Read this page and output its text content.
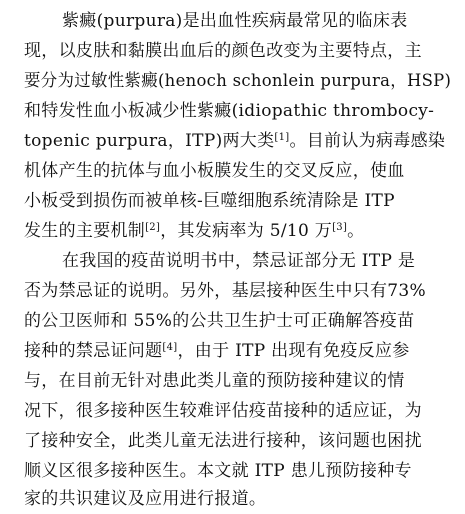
紫癜(purpura)是出血性疾病最常见的临床表
现，以皮肤和黏膜出血后的颜色改变为主要特点，主
要分为过敏性紫癜(henoch schonlein purpura，HSP)
和特发性血小板减少性紫癜(idiopathic thrombocy-
topenic purpura，ITP)两大类[1]。目前认为病毒感染
机体产生的抗体与血小板膜发生的交叉反应，使血
小板受到损伤而被单核-巨噬细胞系统清除是 ITP
发生的主要机制[2]，其发病率为 5/10 万[3]。
在我国的疫苗说明书中，禁忌证部分无 ITP 是
否为禁忌证的说明。另外，基层接种医生中只有73%
的公卫医师和 55%的公共卫生护士可正确解答疫苗
接种的禁忌证问题[4]，由于 ITP 出现有免疫反应参
与，在目前无针对患此类儿童的预防接种建议的情
况下，很多接种医生较难评估疫苗接种的适应证，为
了接种安全，此类儿童无法进行接种，该问题也困扰
顺义区很多接种医生。本文就 ITP 患儿预防接种专
家的共识建议及应用进行报道。
